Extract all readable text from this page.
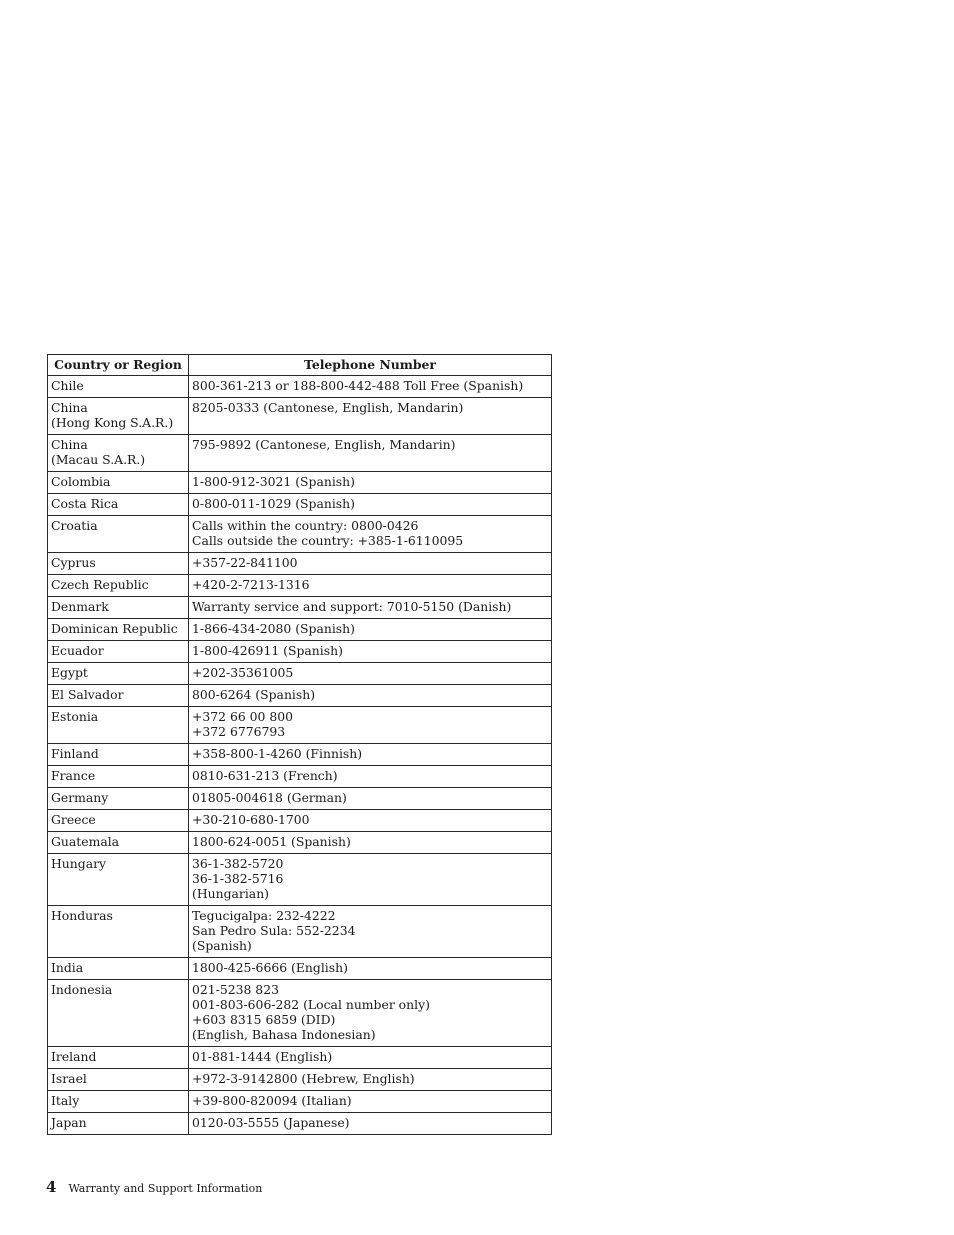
Country or Region	Telephone Number

Chile	800-361-213 or 188-800-442-488 Toll Free (Spanish)

China
(Hong Kong S.A.R.)	8205-0333 (Cantonese, English, Mandarin)

China
(Macau S.A.R.)	795-9892 (Cantonese, English, Mandarin)

Colombia	1-800-912-3021 (Spanish)

Costa Rica	0-800-011-1029 (Spanish)

Croatia	Calls within the country: 0800-0426
Calls outside the country: +385-1-6110095

Cyprus	+357-22-841100

Czech Republic	+420-2-7213-1316

Denmark	Warranty service and support: 7010-5150 (Danish)

Dominican Republic	1-866-434-2080 (Spanish)

Ecuador	1-800-426911 (Spanish)

Egypt	+202-35361005

El Salvador	800-6264 (Spanish)

Estonia	+372 66 00 800
+372 6776793

Finland	+358-800-1-4260 (Finnish)

France	0810-631-213 (French)

Germany	01805-004618 (German)

Greece	+30-210-680-1700

Guatemala	1800-624-0051 (Spanish)

Hungary	36-1-382-5720
36-1-382-5716
(Hungarian)

Honduras	Tegucigalpa: 232-4222
San Pedro Sula: 552-2234
(Spanish)

India	1800-425-6666 (English)

Indonesia	021-5238 823
001-803-606-282 (Local number only)
+603 8315 6859 (DID)
(English, Bahasa Indonesian)

Ireland	01-881-1444 (English)

Israel	+972-3-9142800 (Hebrew, English)

Italy	+39-800-820094 (Italian)

Japan	0120-03-5555 (Japanese)
4 Warranty and Support Information
